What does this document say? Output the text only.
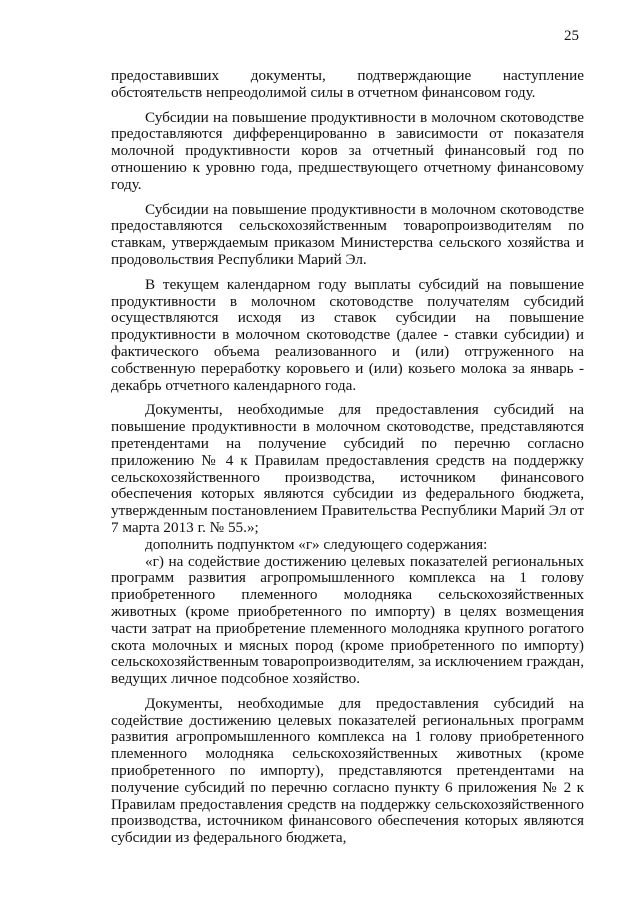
25

предоставивших документы, подтверждающие наступление обстоятельств непреодолимой силы в отчетном финансовом году.

Субсидии на повышение продуктивности в молочном скотоводстве предоставляются дифференцированно в зависимости от показателя молочной продуктивности коров за отчетный финансовый год по отношению к уровню года, предшествующего отчетному финансовому году.

Субсидии на повышение продуктивности в молочном скотоводстве предоставляются сельскохозяйственным товаропроизводителям по ставкам, утверждаемым приказом Министерства сельского хозяйства и продовольствия Республики Марий Эл.

В текущем календарном году выплаты субсидий на повышение продуктивности в молочном скотоводстве получателям субсидий осуществляются исходя из ставок субсидии на повышение продуктивности в молочном скотоводстве (далее - ставки субсидии) и фактического объема реализованного и (или) отгруженного на собственную переработку коровьего и (или) козьего молока за январь - декабрь отчетного календарного года.

Документы, необходимые для предоставления субсидий на повышение продуктивности в молочном скотоводстве, представляются претендентами на получение субсидий по перечню согласно приложению № 4 к Правилам предоставления средств на поддержку сельскохозяйственного производства, источником финансового обеспечения которых являются субсидии из федерального бюджета, утвержденным постановлением Правительства Республики Марий Эл от 7 марта 2013 г. № 55.»;

дополнить подпунктом «г» следующего содержания:

«г) на содействие достижению целевых показателей региональных программ развития агропромышленного комплекса на 1 голову приобретенного племенного молодняка сельскохозяйственных животных (кроме приобретенного по импорту) в целях возмещения части затрат на приобретение племенного молодняка крупного рогатого скота молочных и мясных пород (кроме приобретенного по импорту) сельскохозяйственным товаропроизводителям, за исключением граждан, ведущих личное подсобное хозяйство.

Документы, необходимые для предоставления субсидий на содействие достижению целевых показателей региональных программ развития агропромышленного комплекса на 1 голову приобретенного племенного молодняка сельскохозяйственных животных (кроме приобретенного по импорту), представляются претендентами на получение субсидий по перечню согласно пункту 6 приложения № 2 к Правилам предоставления средств на поддержку сельскохозяйственного производства, источником финансового обеспечения которых являются субсидии из федерального бюджета,
